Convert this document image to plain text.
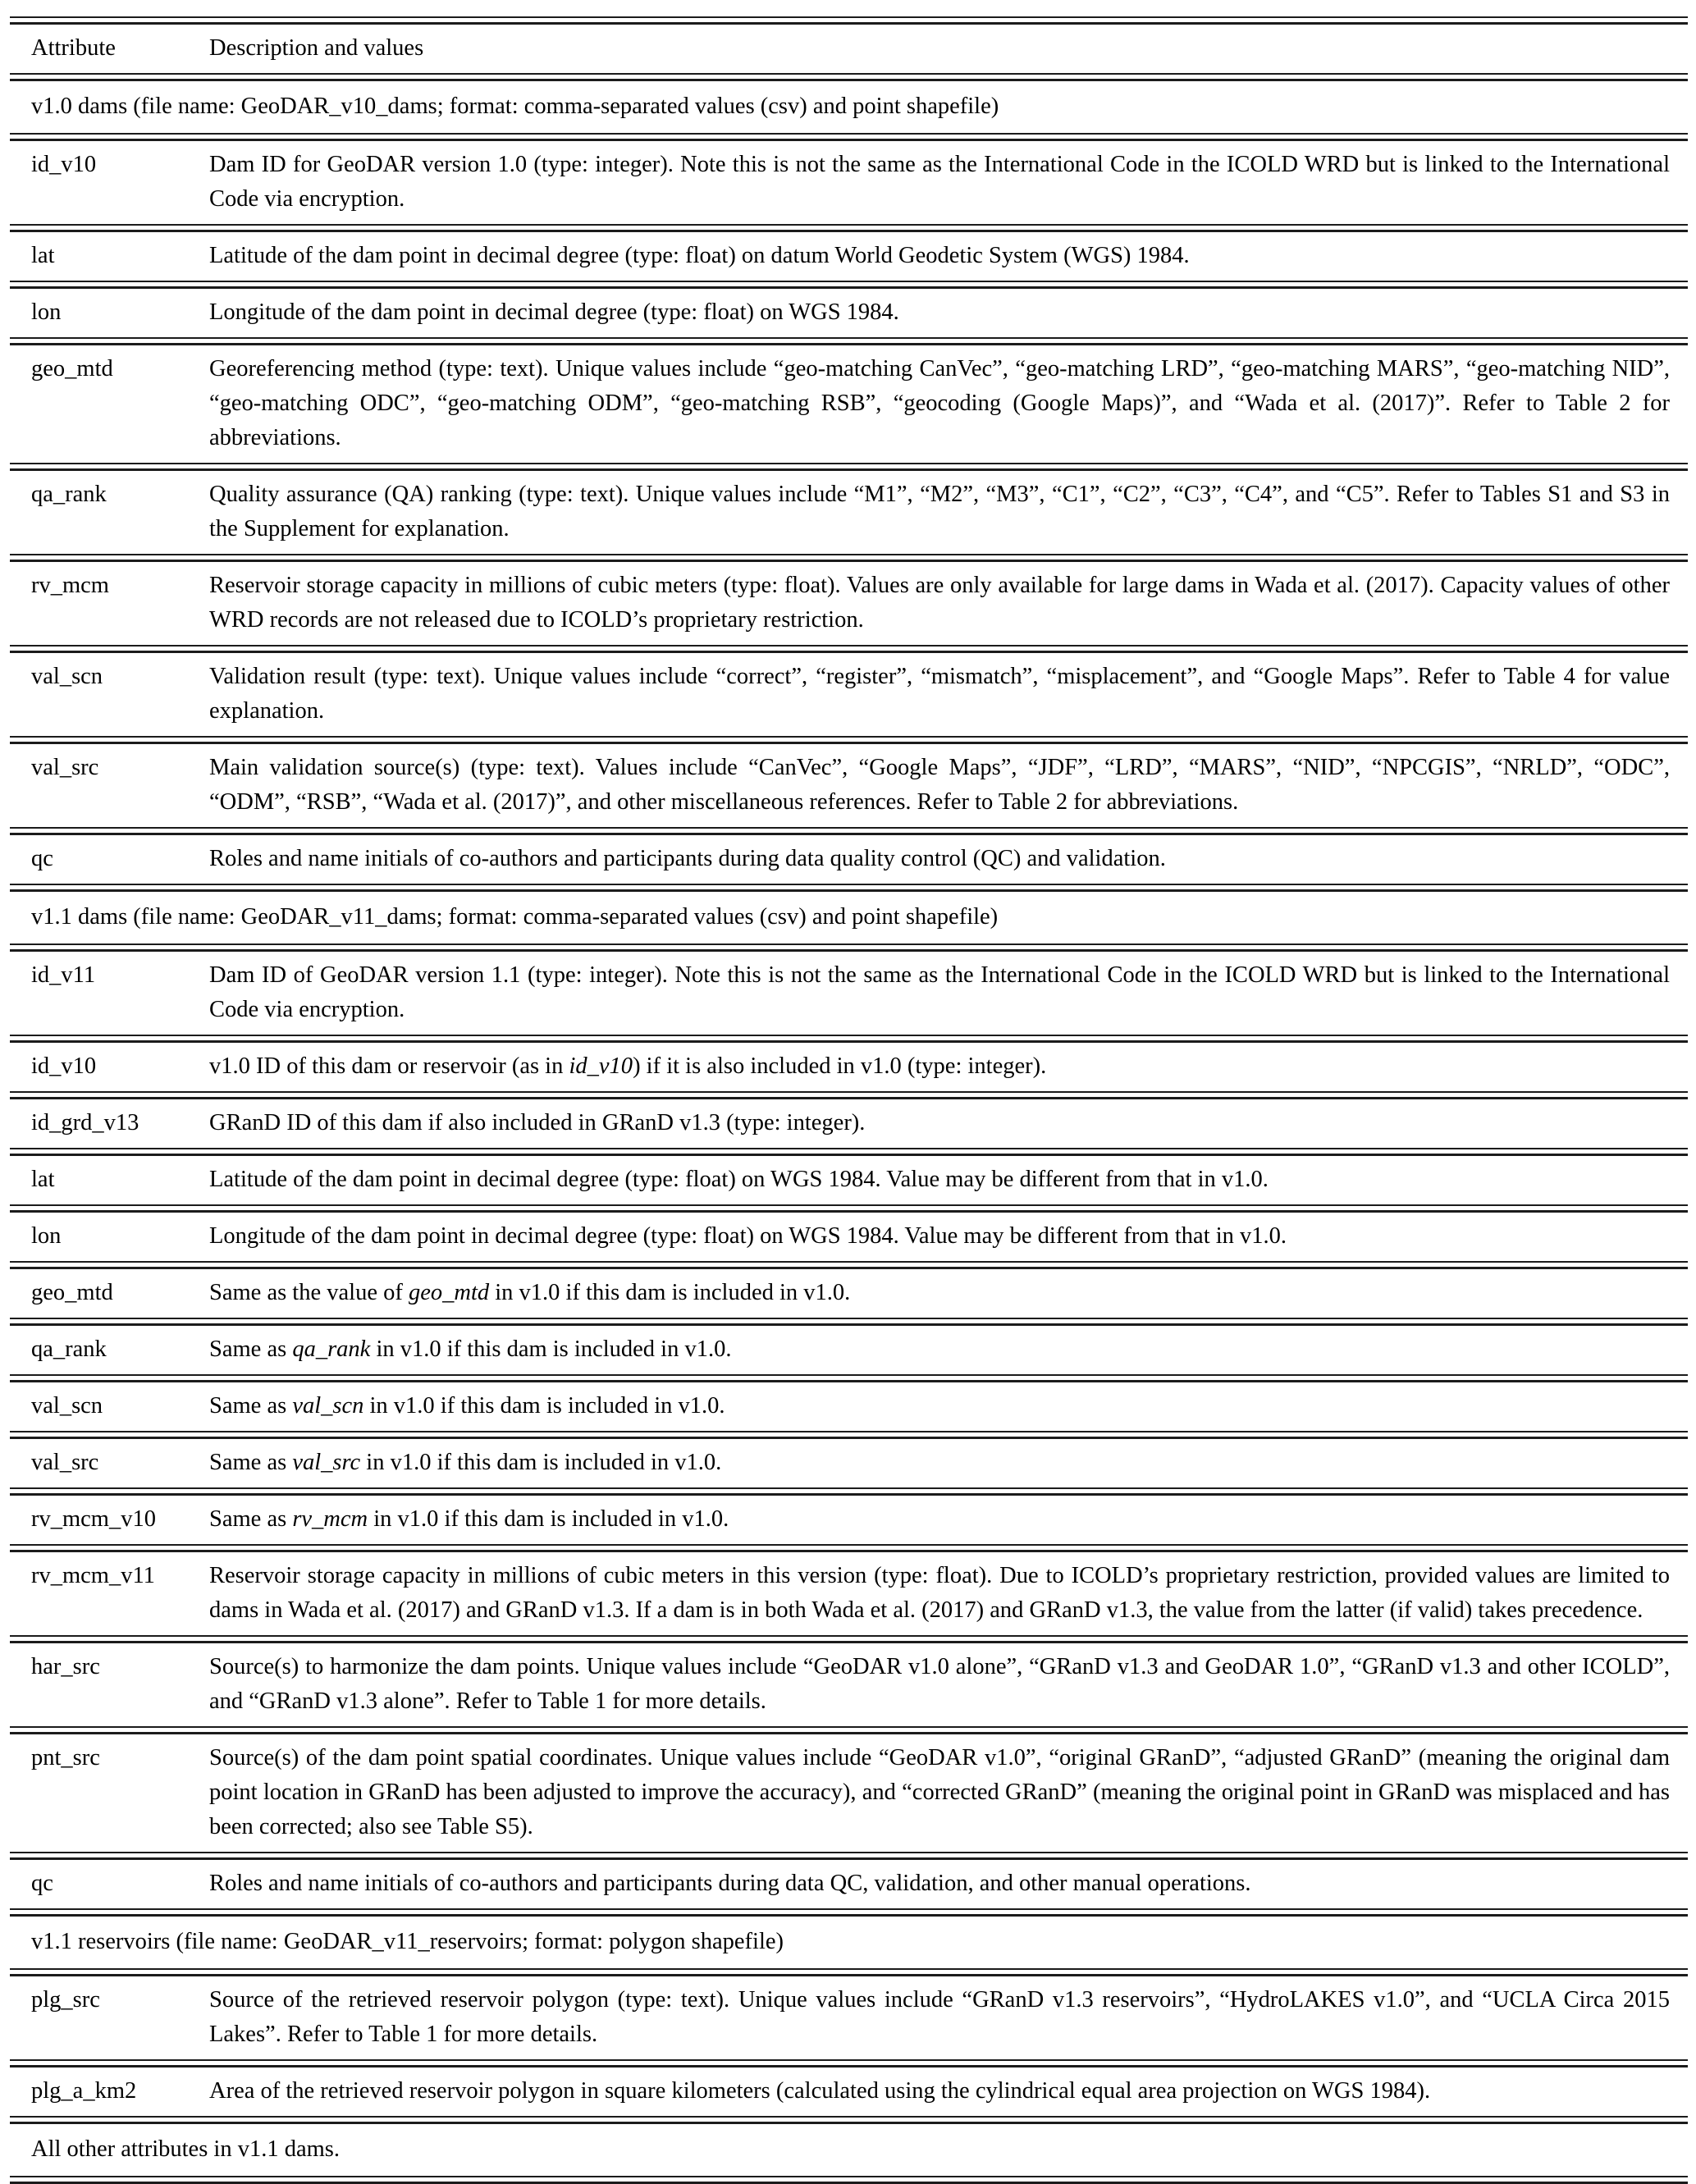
Attribute	Description and values
v1.0 dams (file name: GeoDAR_v10_dams; format: comma-separated values (csv) and point shapefile)
id_v10	Dam ID for GeoDAR version 1.0 (type: integer). Note this is not the same as the International Code in the ICOLD WRD but is linked to the International Code via encryption.
lat	Latitude of the dam point in decimal degree (type: float) on datum World Geodetic System (WGS) 1984.
lon	Longitude of the dam point in decimal degree (type: float) on WGS 1984.
geo_mtd	Georeferencing method (type: text). Unique values include “geo-matching CanVec”, “geo-matching LRD”, “geo-matching MARS”, “geo-matching NID”, “geo-matching ODC”, “geo-matching ODM”, “geo-matching RSB”, “geocoding (Google Maps)”, and “Wada et al. (2017)”. Refer to Table 2 for abbreviations.
qa_rank	Quality assurance (QA) ranking (type: text). Unique values include “M1”, “M2”, “M3”, “C1”, “C2”, “C3”, “C4”, and “C5”. Refer to Tables S1 and S3 in the Supplement for explanation.
rv_mcm	Reservoir storage capacity in millions of cubic meters (type: float). Values are only available for large dams in Wada et al. (2017). Capacity values of other WRD records are not released due to ICOLD’s proprietary restriction.
val_scn	Validation result (type: text). Unique values include “correct”, “register”, “mismatch”, “misplacement”, and “Google Maps”. Refer to Table 4 for value explanation.
val_src	Main validation source(s) (type: text). Values include “CanVec”, “Google Maps”, “JDF”, “LRD”, “MARS”, “NID”, “NPCGIS”, “NRLD”, “ODC”, “ODM”, “RSB”, “Wada et al. (2017)”, and other miscellaneous references. Refer to Table 2 for abbreviations.
qc	Roles and name initials of co-authors and participants during data quality control (QC) and validation.
v1.1 dams (file name: GeoDAR_v11_dams; format: comma-separated values (csv) and point shapefile)
id_v11	Dam ID of GeoDAR version 1.1 (type: integer). Note this is not the same as the International Code in the ICOLD WRD but is linked to the International Code via encryption.
id_v10	v1.0 ID of this dam or reservoir (as in id_v10) if it is also included in v1.0 (type: integer).
id_grd_v13	GRanD ID of this dam if also included in GRanD v1.3 (type: integer).
lat	Latitude of the dam point in decimal degree (type: float) on WGS 1984. Value may be different from that in v1.0.
lon	Longitude of the dam point in decimal degree (type: float) on WGS 1984. Value may be different from that in v1.0.
geo_mtd	Same as the value of geo_mtd in v1.0 if this dam is included in v1.0.
qa_rank	Same as qa_rank in v1.0 if this dam is included in v1.0.
val_scn	Same as val_scn in v1.0 if this dam is included in v1.0.
val_src	Same as val_src in v1.0 if this dam is included in v1.0.
rv_mcm_v10	Same as rv_mcm in v1.0 if this dam is included in v1.0.
rv_mcm_v11	Reservoir storage capacity in millions of cubic meters in this version (type: float). Due to ICOLD’s proprietary restriction, provided values are limited to dams in Wada et al. (2017) and GRanD v1.3. If a dam is in both Wada et al. (2017) and GRanD v1.3, the value from the latter (if valid) takes precedence.
har_src	Source(s) to harmonize the dam points. Unique values include “GeoDAR v1.0 alone”, “GRanD v1.3 and GeoDAR 1.0”, “GRanD v1.3 and other ICOLD”, and “GRanD v1.3 alone”. Refer to Table 1 for more details.
pnt_src	Source(s) of the dam point spatial coordinates. Unique values include “GeoDAR v1.0”, “original GRanD”, “adjusted GRanD” (meaning the original dam point location in GRanD has been adjusted to improve the accuracy), and “corrected GRanD” (meaning the original point in GRanD was misplaced and has been corrected; also see Table S5).
qc	Roles and name initials of co-authors and participants during data QC, validation, and other manual operations.
v1.1 reservoirs (file name: GeoDAR_v11_reservoirs; format: polygon shapefile)
plg_src	Source of the retrieved reservoir polygon (type: text). Unique values include “GRanD v1.3 reservoirs”, “HydroLAKES v1.0”, and “UCLA Circa 2015 Lakes”. Refer to Table 1 for more details.
plg_a_km2	Area of the retrieved reservoir polygon in square kilometers (calculated using the cylindrical equal area projection on WGS 1984).
All other attributes in v1.1 dams.
